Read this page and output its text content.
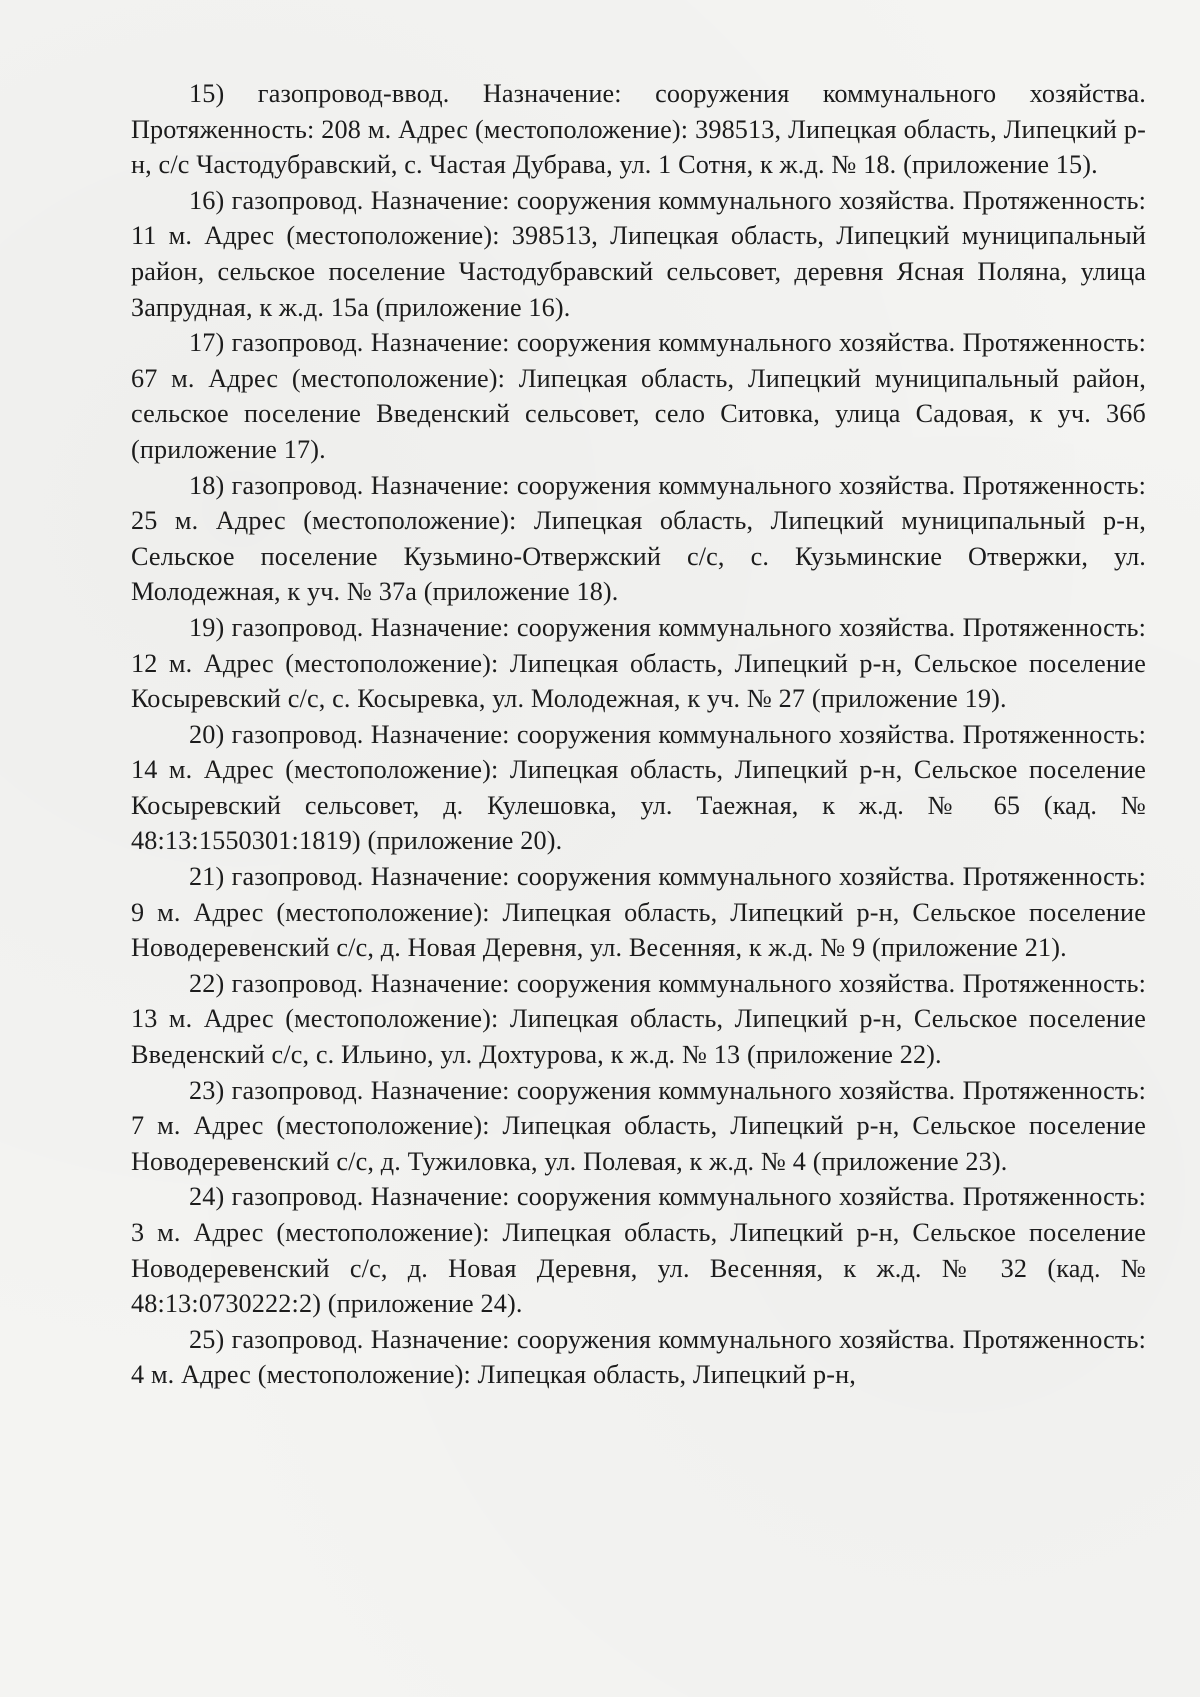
15) газопровод-ввод. Назначение: сооружения коммунального хозяйства. Протяженность: 208 м. Адрес (местоположение): 398513, Липецкая область, Липецкий р-н, с/с Частодубравский, с. Частая Дубрава, ул. 1 Сотня, к ж.д. № 18. (приложение 15).

16) газопровод. Назначение: сооружения коммунального хозяйства. Протяженность: 11 м. Адрес (местоположение): 398513, Липецкая область, Липецкий муниципальный район, сельское поселение Частодубравский сельсовет, деревня Ясная Поляна, улица Запрудная, к ж.д. 15а (приложение 16).

17) газопровод. Назначение: сооружения коммунального хозяйства. Протяженность: 67 м. Адрес (местоположение): Липецкая область, Липецкий муниципальный район, сельское поселение Введенский сельсовет, село Ситовка, улица Садовая, к уч. 36б (приложение 17).

18) газопровод. Назначение: сооружения коммунального хозяйства. Протяженность: 25 м. Адрес (местоположение): Липецкая область, Липецкий муниципальный р-н, Сельское поселение Кузьмино-Отвержский с/с, с. Кузьминские Отвержки, ул. Молодежная, к уч. № 37а (приложение 18).

19) газопровод. Назначение: сооружения коммунального хозяйства. Протяженность: 12 м. Адрес (местоположение): Липецкая область, Липецкий р-н, Сельское поселение Косыревский с/с, с. Косыревка, ул. Молодежная, к уч. № 27 (приложение 19).

20) газопровод. Назначение: сооружения коммунального хозяйства. Протяженность: 14 м. Адрес (местоположение): Липецкая область, Липецкий р-н, Сельское поселение Косыревский сельсовет, д. Кулешовка, ул. Таежная, к ж.д. № 65 (кад. № 48:13:1550301:1819) (приложение 20).

21) газопровод. Назначение: сооружения коммунального хозяйства. Протяженность: 9 м. Адрес (местоположение): Липецкая область, Липецкий р-н, Сельское поселение Новодеревенский с/с, д. Новая Деревня, ул. Весенняя, к ж.д. № 9 (приложение 21).

22) газопровод. Назначение: сооружения коммунального хозяйства. Протяженность: 13 м. Адрес (местоположение): Липецкая область, Липецкий р-н, Сельское поселение Введенский с/с, с. Ильино, ул. Дохтурова, к ж.д. № 13 (приложение 22).

23) газопровод. Назначение: сооружения коммунального хозяйства. Протяженность: 7 м. Адрес (местоположение): Липецкая область, Липецкий р-н, Сельское поселение Новодеревенский с/с, д. Тужиловка, ул. Полевая, к ж.д. № 4 (приложение 23).

24) газопровод. Назначение: сооружения коммунального хозяйства. Протяженность: 3 м. Адрес (местоположение): Липецкая область, Липецкий р-н, Сельское поселение Новодеревенский с/с, д. Новая Деревня, ул. Весенняя, к ж.д. № 32 (кад. № 48:13:0730222:2) (приложение 24).

25) газопровод. Назначение: сооружения коммунального хозяйства. Протяженность: 4 м. Адрес (местоположение): Липецкая область, Липецкий р-н,
